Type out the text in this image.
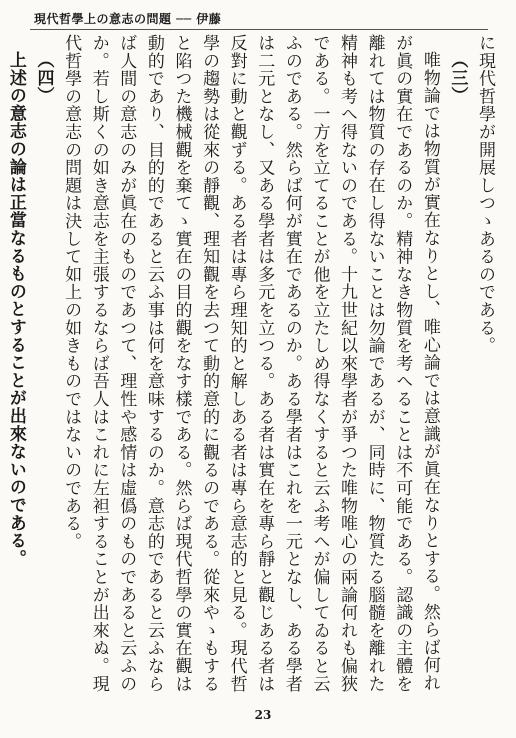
現代哲學上の意志の問題 ── 伊藤

に現代哲學が開展しつゝあるのである。

（三）

唯物論では物質が實在なりとし、唯心論では意識が眞在なりとする。然らば何れが眞の實在であるのか。精神なき物質を考へることは不可能である。認識の主體を離れては物質の存在し得ないことは勿論であるが、同時に、物質たる腦髓を離れた精神も考へ得ないのである。十九世紀以來學者が爭つた唯物唯心の兩論何れも偏狹である。一方を立てることが他を立たしめ得なくすると云ふ考へが偏してゐると云ふのである。然らば何が實在であるのか。ある學者はこれを一元となし、ある學者は二元となし、又ある學者は多元を立つる。ある者は實在を專ら靜と觀じある者は反對に動と觀ずる。ある者は專ら理知的と解しある者は專ら意志的と見る。現代哲學の趨勢は從來の靜觀、理知觀を去つて動的意的に觀るのである。從來やゝもすると陷つた機械觀を棄てゝ實在の目的觀をなす樣である。然らば現代哲學の實在觀は動的であり、目的的であると云ふ事は何を意味するのか。意志的であると云ふならば人間の意志のみが眞在のものであつて、理性や感情は虛僞のものであると云ふのか。若し斯くの如き意志を主張するならば吾人はこれに左袒することが出來ぬ。現代哲學の意志の問題は決して如上の如きものではないのである。

（四）

上述の意志の論は正當なるものとすることが出來ないのである。

23
